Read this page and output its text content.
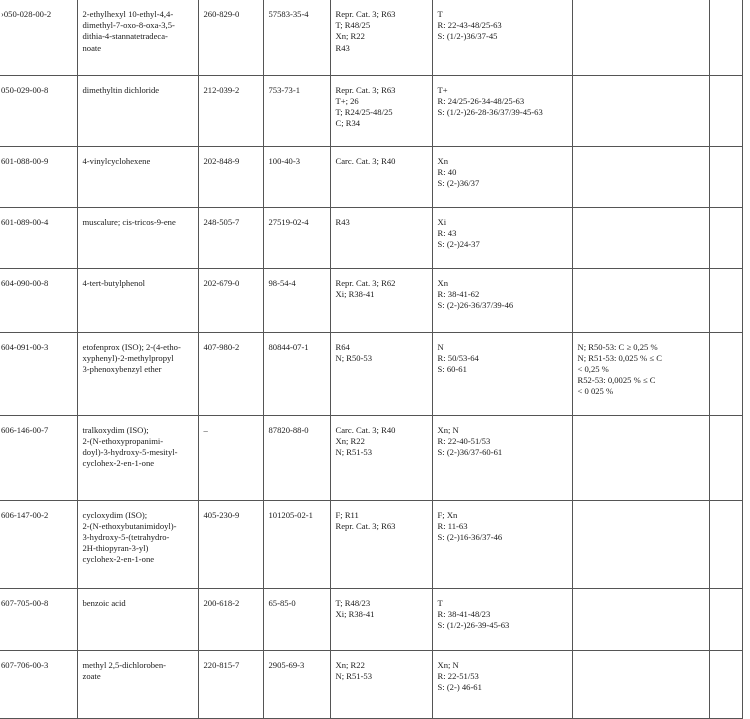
›050-028-00-2	2-ethylhexyl 10-ethyl-4,4-
dimethyl-7-oxo-8-oxa-3,5-
dithia-4-stannatetradeca-
noate	260-829-0	57583-35-4	Repr. Cat. 3; R63
T; R48/25
Xn; R22
R43	T
R: 22-43-48/25-63
S: (1/2-)36/37-45		

050-029-00-8	dimethyltin dichloride	212-039-2	753-73-1	Repr. Cat. 3; R63
T+; 26
T; R24/25-48/25
C; R34	T+
R: 24/25-26-34-48/25-63
S: (1/2-)26-28-36/37/39-45-63		

601-088-00-9	4-vinylcyclohexene	202-848-9	100-40-3	Carc. Cat. 3; R40	Xn
R: 40
S: (2-)36/37		

601-089-00-4	muscalure; cis-tricos-9-ene	248-505-7	27519-02-4	R43	Xi
R: 43
S: (2-)24-37		

604-090-00-8	4-tert-butylphenol	202-679-0	98-54-4	Repr. Cat. 3; R62
Xi; R38-41	Xn
R: 38-41-62
S: (2-)26-36/37/39-46		

604-091-00-3	etofenprox (ISO); 2-(4-etho-
xyphenyl)-2-methylpropyl
3-phenoxybenzyl ether	407-980-2	80844-07-1	R64
N; R50-53	N
R: 50/53-64
S: 60-61	N; R50-53: C ≥ 0,25 %
N; R51-53: 0,025 % ≤ C
< 0,25 %
R52-53: 0,0025 % ≤ C
< 0 025 %	

606-146-00-7	tralkoxydim (ISO);
2-(N-ethoxypropanimi-
doyl)-3-hydroxy-5-mesityl-
cyclohex-2-en-1-one	–	87820-88-0	Carc. Cat. 3; R40
Xn; R22
N; R51-53	Xn; N
R: 22-40-51/53
S: (2-)36/37-60-61		

606-147-00-2	cycloxydim (ISO);
2-(N-ethoxybutanimidoyl)-
3-hydroxy-5-(tetrahydro-
2H-thiopyran-3-yl)
cyclohex-2-en-1-one	405-230-9	101205-02-1	F; R11
Repr. Cat. 3; R63	F; Xn
R: 11-63
S: (2-)16-36/37-46		

607-705-00-8	benzoic acid	200-618-2	65-85-0	T; R48/23
Xi; R38-41	T
R: 38-41-48/23
S: (1/2-)26-39-45-63		

607-706-00-3	methyl 2,5-dichloroben-
zoate	220-815-7	2905-69-3	Xn; R22
N; R51-53	Xn; N
R: 22-51/53
S: (2-) 46-61		
